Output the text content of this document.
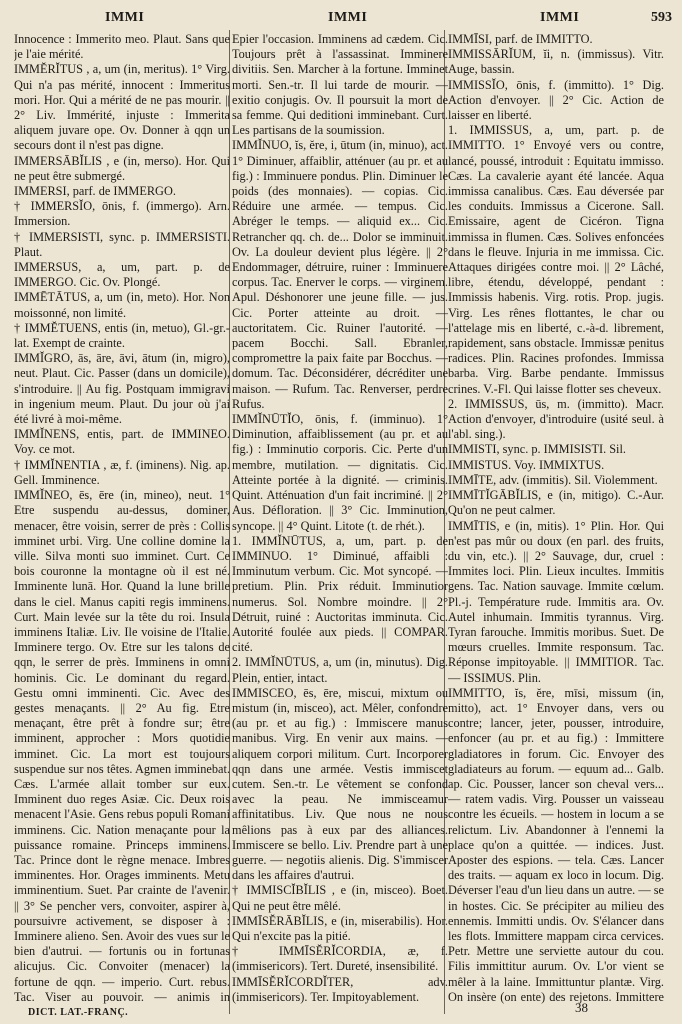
IMMI	IMMI	IMMI	593

Innocence : Immerito meo. Plaut. Sans que je l'aie mérité.

IMMĔRĬTUS , a, um (in, meritus). 1° Virg. Qui n'a pas mérité, innocent : Immeritus mori. Hor. Qui a mérité de ne pas mourir. || 2° Liv. Immérité, injuste : Immerita aliquem juvare ope. Ov. Donner à qqn un secours dont il n'est pas digne.

IMMERSĀBĬLIS , e (in, merso). Hor. Qui ne peut être submergé.

IMMERSI, parf. de IMMERGO.

† IMMERSĬO, ōnis, f. (immergo). Arn. Immersion.

† IMMERSISTI, sync. p. IMMERSISTI. Plaut.

IMMERSUS, a, um, part. p. de IMMERGO. Cic. Ov. Plongé.

IMMĒTĀTUS, a, um (in, meto). Hor. Non moissonné, non limité.

† IMMĔTUENS, entis (in, metuo), Gl.-gr.-lat. Exempt de crainte.

IMMĬGRO, ās, āre, āvi, ātum (in, migro), neut. Plaut. Cic. Passer (dans un domicile), s'introduire. || Au fig. Postquam immigravi in ingenium meum. Plaut. Du jour où j'ai été livré à moi-même.

IMMĬNENS, entis, part. de IMMINEO. Voy. ce mot.

† IMMĬNENTIA , æ, f. (iminens). Nig. ap. Gell. Imminence.

IMMĬNEO, ēs, ēre (in, mineo), neut. 1° Etre suspendu au-dessus, dominer, menacer, être voisin, serrer de près : Collis imminet urbi. Virg. Une colline domine la ville. Silva monti suo imminet. Curt. Ce bois couronne la montagne où il est né. Imminente lunā. Hor. Quand la lune brille dans le ciel. Manus capiti regis imminens. Curt. Main levée sur la tête du roi. Insula imminens Italiæ. Liv. Ile voisine de l'Italie. Imminere tergo. Ov. Etre sur les talons de qqn, le serrer de près. Imminens in omni hominis. Cic. Le dominant du regard. Gestu omni imminenti. Cic. Avec des gestes menaçants. || 2° Au fig. Etre menaçant, être prêt à fondre sur; être imminent, approcher : Mors quotidie imminet. Cic. La mort est toujours suspendue sur nos têtes. Agmen imminebat. Cæs. L'armée allait tomber sur eux. Imminent duo reges Asiæ. Cic. Deux rois menacent l'Asie. Gens rebus populi Romani imminens. Cic. Nation menaçante pour la puissance romaine. Princeps imminens. Tac. Prince dont le règne menace. Imbres imminentes. Hor. Orages imminents. Metu imminentium. Suet. Par crainte de l'avenir. || 3° Se pencher vers, convoiter, aspirer à, poursuivre activement, se disposer à : Imminere alieno. Sen. Avoir des vues sur le bien d'autrui. — fortunis ou in fortunas alicujus. Cic. Convoiter (menacer) la fortune de qqn. — imperio. Curt. rebus. Tac. Viser au pouvoir. — animis in

Epier l'occasion. Imminens ad cædem. Cic. Toujours prêt à l'assassinat. Imminere divitiis. Sen. Marcher à la fortune. Imminet morti. Sen.-tr. Il lui tarde de mourir. — exitio conjugis. Ov. Il poursuit la mort de sa femme. Qui deditioni imminebant. Curt. Les partisans de la soumission.

IMMĬNUO, ĭs, ĕre, i, ūtum (in, minuo), act. 1° Diminuer, affaiblir, atténuer (au pr. et au fig.) : Imminuere pondus. Plin. Diminuer le poids (des monnaies). — copias. Cic. Réduire une armée. — tempus. Cic. Abréger le temps. — aliquid ex... Cic. Retrancher qq. ch. de... Dolor se imminuit. Ov. La douleur devient plus légère. || 2° Endommager, détruire, ruiner : Imminuere corpus. Tac. Enerver le corps. — virginem. Apul. Déshonorer une jeune fille. — jus. Cic. Porter atteinte au droit. — auctoritatem. Cic. Ruiner l'autorité. — pacem Bocchi. Sall. Ebranler, compromettre la paix faite par Bocchus. — domum. Tac. Déconsidérer, décréditer une maison. — Rufum. Tac. Renverser, perdre Rufus.

IMMĬNŪTĬO, ōnis, f. (imminuo). 1° Diminution, affaiblissement (au pr. et au fig.) : Imminutio corporis. Cic. Perte d'un membre, mutilation. — dignitatis. Cic. Atteinte portée à la dignité. — criminis. Quint. Atténuation d'un fait incriminé. || 2° Aus. Défloration. || 3° Cic. Imminution, syncope. || 4° Quint. Litote (t. de rhét.).

1. IMMĬNŪTUS, a, um, part. p. de IMMINUO. 1° Diminué, affaibli : Imminutum verbum. Cic. Mot syncopé. — pretium. Plin. Prix réduit. Imminutior numerus. Sol. Nombre moindre. || 2° Détruit, ruiné : Auctoritas imminuta. Cic. Autorité foulée aux pieds. || COMPAR. cité.

2. IMMĬNŪTUS, a, um (in, minutus). Dig. Plein, entier, intact.

IMMISCEO, ēs, ēre, miscui, mixtum ou mistum (in, misceo), act. Mêler, confondre (au pr. et au fig.) : Immiscere manus manibus. Virg. En venir aux mains. — aliquem corpori militum. Curt. Incorporer qqn dans une armée. Vestis immiscet cutem. Sen.-tr. Le vêtement se confond avec la peau. Ne immisceamur affinitatibus. Liv. Que nous ne nous mêlions pas à eux par des alliances. Immiscere se bello. Liv. Prendre part à une guerre. — negotiis alienis. Dig. S'immiscer dans les affaires d'autrui.

† IMMISCĬBĬLIS , e (in, misceo). Boet. Qui ne peut être mêlé.

IMMĪSĔRĀBĬLIS, e (in, miserabilis). Hor. Qui n'excite pas la pitié.

† IMMĪSĔRĬCORDIA, æ, f. (immisericors). Tert. Dureté, insensibilité.

IMMĪSĔRĬCORDĬTER, adv. (immisericors). Ter. Impitoyablement.

IMMĪSI, parf. de IMMITTO.

IMMISSĀRĬUM, ĭi, n. (immissus). Vitr. Auge, bassin.

IMMISSĬO, ōnis, f. (immitto). 1° Dig. Action d'envoyer. || 2° Cic. Action de laisser en liberté.

1. IMMISSUS, a, um, part. p. de IMMITTO. 1° Envoyé vers ou contre, lancé, poussé, introduit : Equitatu immisso. Cæs. La cavalerie ayant été lancée. Aqua immissa canalibus. Cæs. Eau déversée par les conduits. Immissus a Cicerone. Sall. Emissaire, agent de Cicéron. Tigna immissa in flumen. Cæs. Solives enfoncées dans le fleuve. Injuria in me immissa. Cic. Attaques dirigées contre moi. || 2° Lâché, libre, étendu, développé, pendant : Immissis habenis. Virg. rotis. Prop. jugis. Virg. Les rênes flottantes, le char ou l'attelage mis en liberté, c.-à-d. librement, rapidement, sans obstacle. Immissæ penitus radices. Plin. Racines profondes. Immissa barba. Virg. Barbe pendante. Immissus crines. V.-Fl. Qui laisse flotter ses cheveux.

2. IMMISSUS, ūs, m. (immitto). Macr. Action d'envoyer, d'introduire (usité seul. à l'abl. sing.).

IMMISTI, sync. p. IMMISISTI. Sil.

IMMISTUS. Voy. IMMIXTUS.

IMMĪTE, adv. (immitis). Sil. Violemment.

IMMĪTĬGĀBĬLIS, e (in, mitigo). C.-Aur. Qu'on ne peut calmer.

IMMĪTIS, e (in, mitis). 1° Plin. Hor. Qui n'est pas mûr ou doux (en parl. des fruits, du vin, etc.). || 2° Sauvage, dur, cruel : Immites loci. Plin. Lieux incultes. Immitis gens. Tac. Nation sauvage. Immite cœlum. Pl.-j. Température rude. Immitis ara. Ov. Autel inhumain. Immitis tyrannus. Virg. Tyran farouche. Immitis moribus. Suet. De mœurs cruelles. Immite responsum. Tac. Réponse impitoyable. || IMMITIOR. Tac. — ISSIMUS. Plin.

IMMITTO, ĭs, ĕre, mīsi, missum (in, mitto), act. 1° Envoyer dans, vers ou contre; lancer, jeter, pousser, introduire, enfoncer (au pr. et au fig.) : Immittere gladiatores in forum. Cic. Envoyer des gladiateurs au forum. — equum ad... Galb. ap. Cic. Pousser, lancer son cheval vers... — ratem vadis. Virg. Pousser un vaisseau contre les écueils. — hostem in locum a se relictum. Liv. Abandonner à l'ennemi la place qu'on a quittée. — indices. Just. Aposter des espions. — tela. Cæs. Lancer des traits. — aquam ex loco in locum. Dig. Déverser l'eau d'un lieu dans un autre. — se in hostes. Cic. Se précipiter au milieu des ennemis. Immitti undis. Ov. S'élancer dans les flots. Immittere mappam circa cervices. Petr. Mettre une serviette autour du cou. Filis immittitur aurum. Ov. L'or vient se mêler à la laine. Immittuntur plantæ. Virg. On insère (on ente) des rejetons. Immittere

DICT. LAT.-FRANÇ.	38
